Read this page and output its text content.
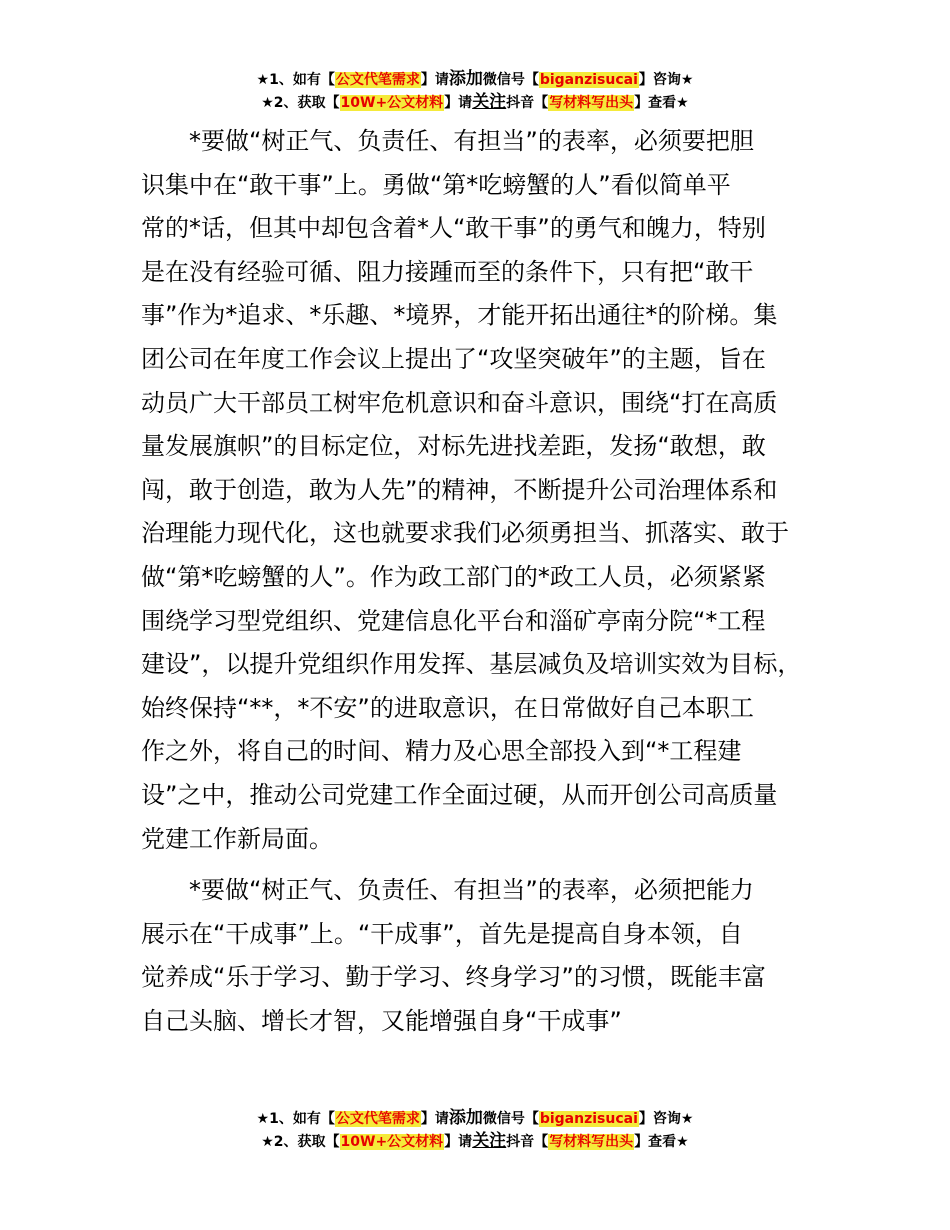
★1、如有【公文代笔需求】请添加微信号【biganzisucai】咨询★
★2、获取【10W+公文材料】请关注抖音【写材料写出头】查看★
*要做“树正气、负责任、有担当”的表率，必须要把胆
识集中在“敢干事”上。勇做“第*吃螃蟹的人”看似简单平
常的*话，但其中却包含着*人“敢干事”的勇气和魄力，特别
是在没有经验可循、阻力接踵而至的条件下，只有把“敢干
事”作为*追求、*乐趣、*境界，才能开拓出通往*的阶梯。集
团公司在年度工作会议上提出了“攻坚突破年”的主题，旨在
动员广大干部员工树牢危机意识和奋斗意识，围绕“打在高质
量发展旗帜”的目标定位，对标先进找差距，发扬“敢想，敢
闯，敢于创造，敢为人先”的精神，不断提升公司治理体系和
治理能力现代化，这也就要求我们必须勇担当、抓落实、敢于
做“第*吃螃蟹的人”。作为政工部门的*政工人员，必须紧紧
围绕学习型党组织、党建信息化平台和淄矿亭南分院“*工程
建设”，以提升党组织作用发挥、基层减负及培训实效为目标，
始终保持“**，*不安”的进取意识，在日常做好自己本职工
作之外，将自己的时间、精力及心思全部投入到“*工程建
设”之中，推动公司党建工作全面过硬，从而开创公司高质量
党建工作新局面。
*要做“树正气、负责任、有担当”的表率，必须把能力
展示在“干成事”上。“干成事”，首先是提高自身本领，自
觉养成“乐于学习、勤于学习、终身学习”的习惯，既能丰富
自己头脑、增长才智，又能增强自身“干成事”
★1、如有【公文代笔需求】请添加微信号【biganzisucai】咨询★
★2、获取【10W+公文材料】请关注抖音【写材料写出头】查看★
